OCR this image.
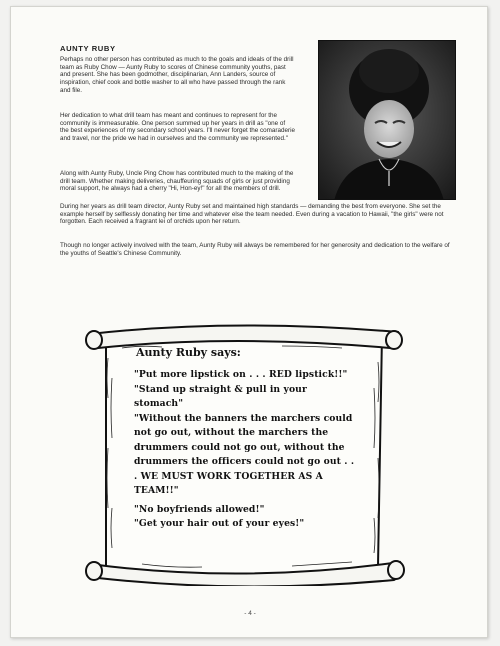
AUNTY RUBY

Perhaps no other person has contributed as much to the goals and ideals of the drill team as Ruby Chow — Aunty Ruby to scores of Chinese community youths, past and present. She has been godmother, disciplinarian, Ann Landers, source of inspiration, chief cook and bottle washer to all who have passed through the rank and file.

Her dedication to what drill team has meant and continues to represent for the community is immeasurable. One person summed up her years in drill as "one of the best experiences of my secondary school years. I'll never forget the comaraderie and travel, nor the pride we had in ourselves and the community we represented."

Along with Aunty Ruby, Uncle Ping Chow has contributed much to the making of the drill team. Whether making deliveries, chauffeuring squads of girls or just providing moral support, he always had a cherry "Hi, Hon-ey!" for all the members of drill.

During her years as drill team director, Aunty Ruby set and maintained high standards — demanding the best from everyone. She set the example herself by selflessly donating her time and whatever else the team needed. Even during a vacation to Hawaii, "the girls" were not forgotten. Each received a fragrant lei of orchids upon her return.

Though no longer actively involved with the team, Aunty Ruby will always be remembered for her generosity and dedication to the welfare of the youths of Seattle's Chinese Community.

Aunty Ruby says:
"Put more lipstick on . . . RED lipstick!!"
"Stand up straight & pull in your stomach"
"Without the banners the marchers could not go out, without the marchers the drummers could not go out, without the drummers the officers could not go out . . . WE MUST WORK TOGETHER AS A TEAM!!"
"No boyfriends allowed!"
"Get your hair out of your eyes!"
- 4 -
